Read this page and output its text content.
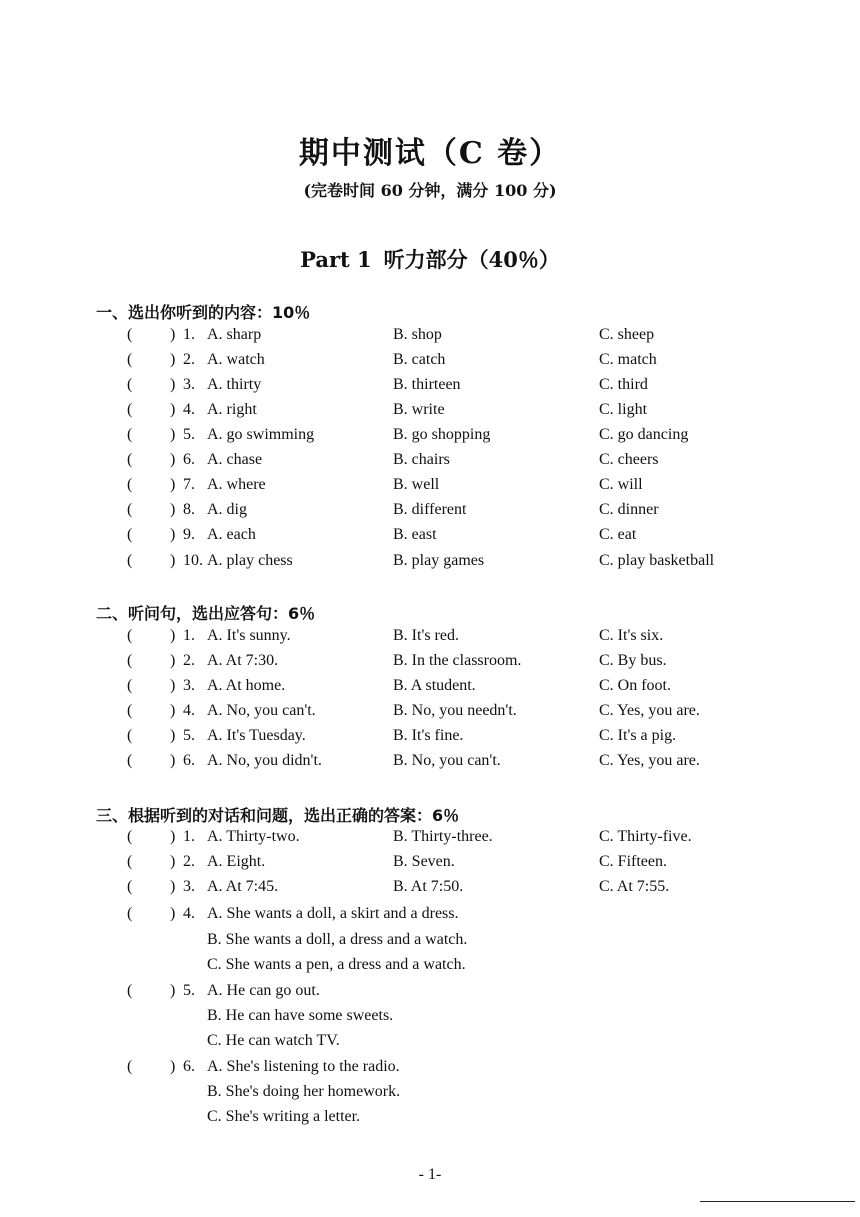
期中测试（C 卷）
(完卷时间 60 分钟，满分 100 分)
Part 1 听力部分（40％）
一、选出你听到的内容：10％
二、听问句，选出应答句：6％
三、根据听到的对话和问题，选出正确的答案：6％
( ) 1. A. sharp	B. shop	C. sheep
( ) 2. A. watch	B. catch	C. match
( ) 3. A. thirty	B. thirteen	C. third
( ) 4. A. right	B. write	C. light
( ) 5. A. go swimming	B. go shopping	C. go dancing
( ) 6. A. chase	B. chairs	C. cheers
( ) 7. A. where	B. well	C. will
( ) 8. A. dig	B. different	C. dinner
( ) 9. A. each	B. east	C. eat
( ) 10. A. play chess	B. play games	C. play basketball
( ) 1. A. It's sunny.	B. It's red.	C. It's six.
( ) 2. A. At 7:30.	B. In the classroom.	C. By bus.
( ) 3. A. At home.	B. A student.	C. On foot.
( ) 4. A. No, you can't.	B. No, you needn't.	C. Yes, you are.
( ) 5. A. It's Tuesday.	B. It's fine.	C. It's a pig.
( ) 6. A. No, you didn't.	B. No, you can't.	C. Yes, you are.
( ) 1. A. Thirty-two.	B. Thirty-three.	C. Thirty-five.
( ) 2. A. Eight.	B. Seven.	C. Fifteen.
( ) 3. A. At 7:45.	B. At 7:50.	C. At 7:55.
( ) 4. A. She wants a doll, a skirt and a dress.
B. She wants a doll, a dress and a watch.
C. She wants a pen, a dress and a watch.
( ) 5. A. He can go out.
B. He can have some sweets.
C. He can watch TV.
( ) 6. A. She's listening to the radio.
B. She's doing her homework.
C. She's writing a letter.
- 1-
